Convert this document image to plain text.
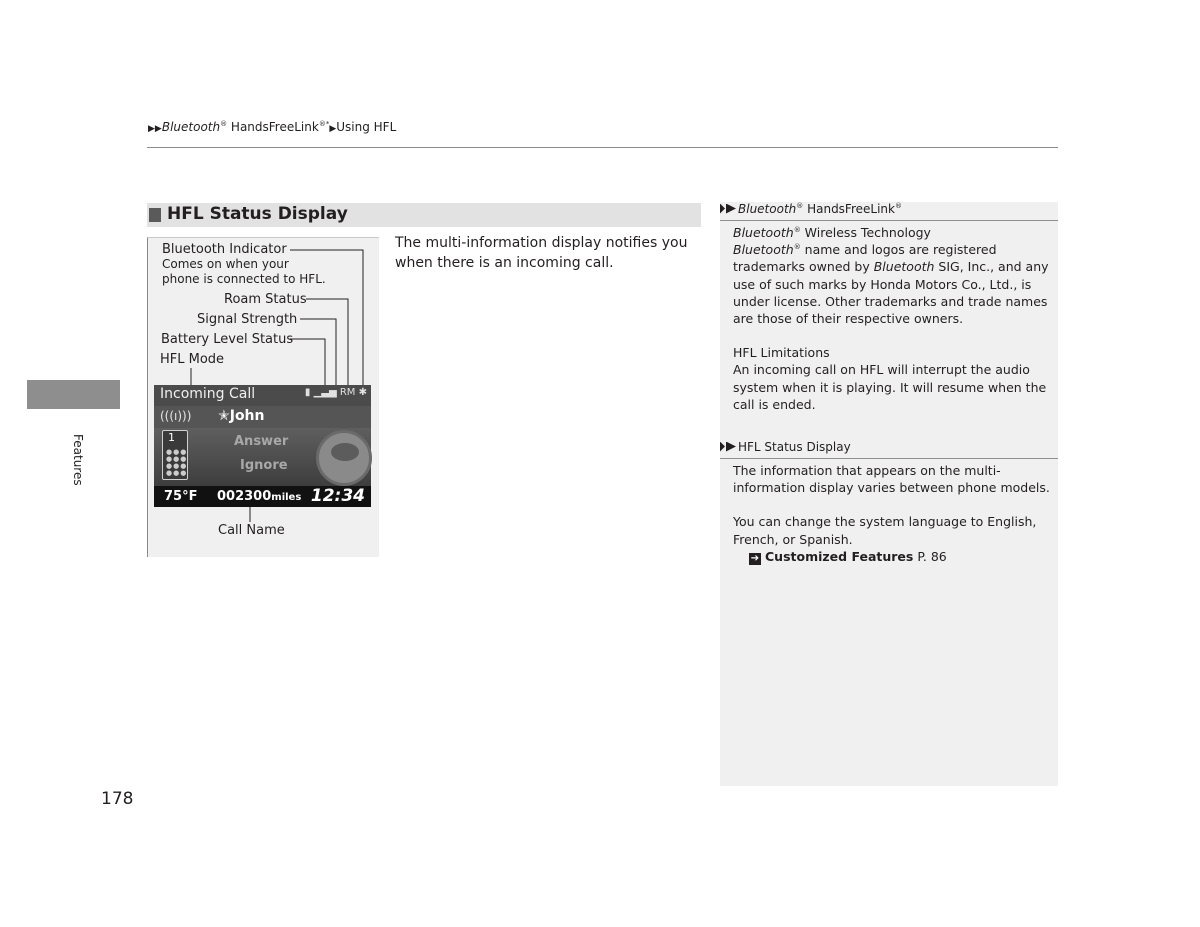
▶▶Bluetooth® HandsFreeLink®*▶Using HFL
Features
178
HFL Status Display
Bluetooth Indicator
Comes on when your
phone is connected to HFL.
Roam Status
Signal Strength
Battery Level Status
HFL Mode
Call Name
Incoming Call	▮ ▁▃▅ RM ✱
(((ı))) ✭John
1
●●●
●●●
●●●
●●●
Answer
Ignore
75°F 002300miles 12:34
The multi-information display notifies you when there is an incoming call.
Bluetooth® HandsFreeLink®
Bluetooth® Wireless Technology
Bluetooth® name and logos are registered trademarks owned by Bluetooth SIG, Inc., and any use of such marks by Honda Motors Co., Ltd., is under license. Other trademarks and trade names are those of their respective owners.
HFL Limitations
An incoming call on HFL will interrupt the audio system when it is playing. It will resume when the call is ended.
HFL Status Display
The information that appears on the multi-information display varies between phone models.
You can change the system language to English, French, or Spanish.
➔ Customized Features P. 86
